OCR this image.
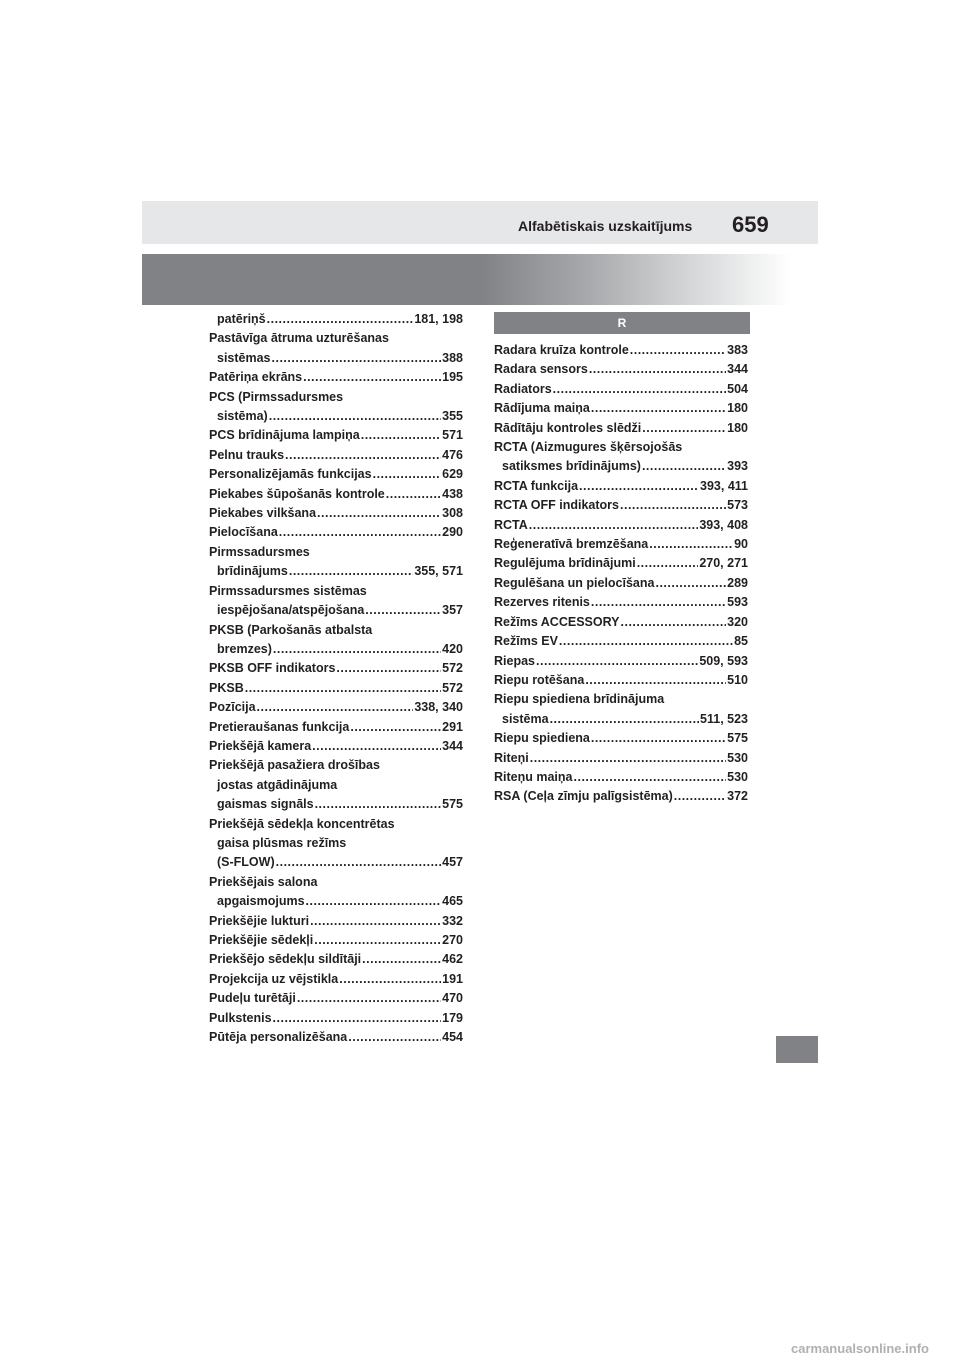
Alfabētiskais uzskaitījums 659
patēriņš .....	181, 198
Pastāvīga ātruma uzturēšanas
sistēmas .....	388
Patēriņa ekrāns .....	195
PCS (Pirmssadursmes
sistēma) .....	355
PCS brīdinājuma lampiņa .....	571
Pelnu trauks .....	476
Personalizējamās funkcijas .....	629
Piekabes šūpošanās kontrole .....	438
Piekabes vilkšana .....	308
Pielocīšana .....	290
Pirmssadursmes
brīdinājums .....	355, 571
Pirmssadursmes sistēmas
iespējošana/atspējošana .....	357
PKSB (Parkošanās atbalsta
bremzes) .....	420
PKSB OFF indikators .....	572
PKSB .....	572
Pozīcija .....	338, 340
Pretieraušanas funkcija .....	291
Priekšējā kamera .....	344
Priekšējā pasažiera drošības
jostas atgādinājuma
gaismas signāls .....	575
Priekšējā sēdekļa koncentrētas
gaisa plūsmas režīms
(S-FLOW) .....	457
Priekšējais salona
apgaismojums .....	465
Priekšējie lukturi .....	332
Priekšējie sēdekļi .....	270
Priekšējo sēdekļu sildītāji .....	462
Projekcija uz vējstikla .....	191
Pudeļu turētāji .....	470
Pulkstenis .....	179
Pūtēja personalizēšana .....	454
R
Radara kruīza kontrole .....	383
Radara sensors .....	344
Radiators .....	504
Rādījuma maiņa .....	180
Rādītāju kontroles slēdži .....	180
RCTA (Aizmugures šķērsojošās
satiksmes brīdinājums) .....	393
RCTA funkcija .....	393, 411
RCTA OFF indikators .....	573
RCTA .....	393, 408
Reģeneratīvā bremzēšana .....	90
Regulējuma brīdinājumi .....	270, 271
Regulēšana un pielocīšana .....	289
Rezerves ritenis .....	593
Režīms ACCESSORY .....	320
Režīms EV .....	85
Riepas .....	509, 593
Riepu rotēšana .....	510
Riepu spiediena brīdinājuma
sistēma .....	511, 523
Riepu spiediena .....	575
Riteņi .....	530
Riteņu maiņa .....	530
RSA (Ceļa zīmju palīgsistēma) .....	372
carmanualsonline.info
